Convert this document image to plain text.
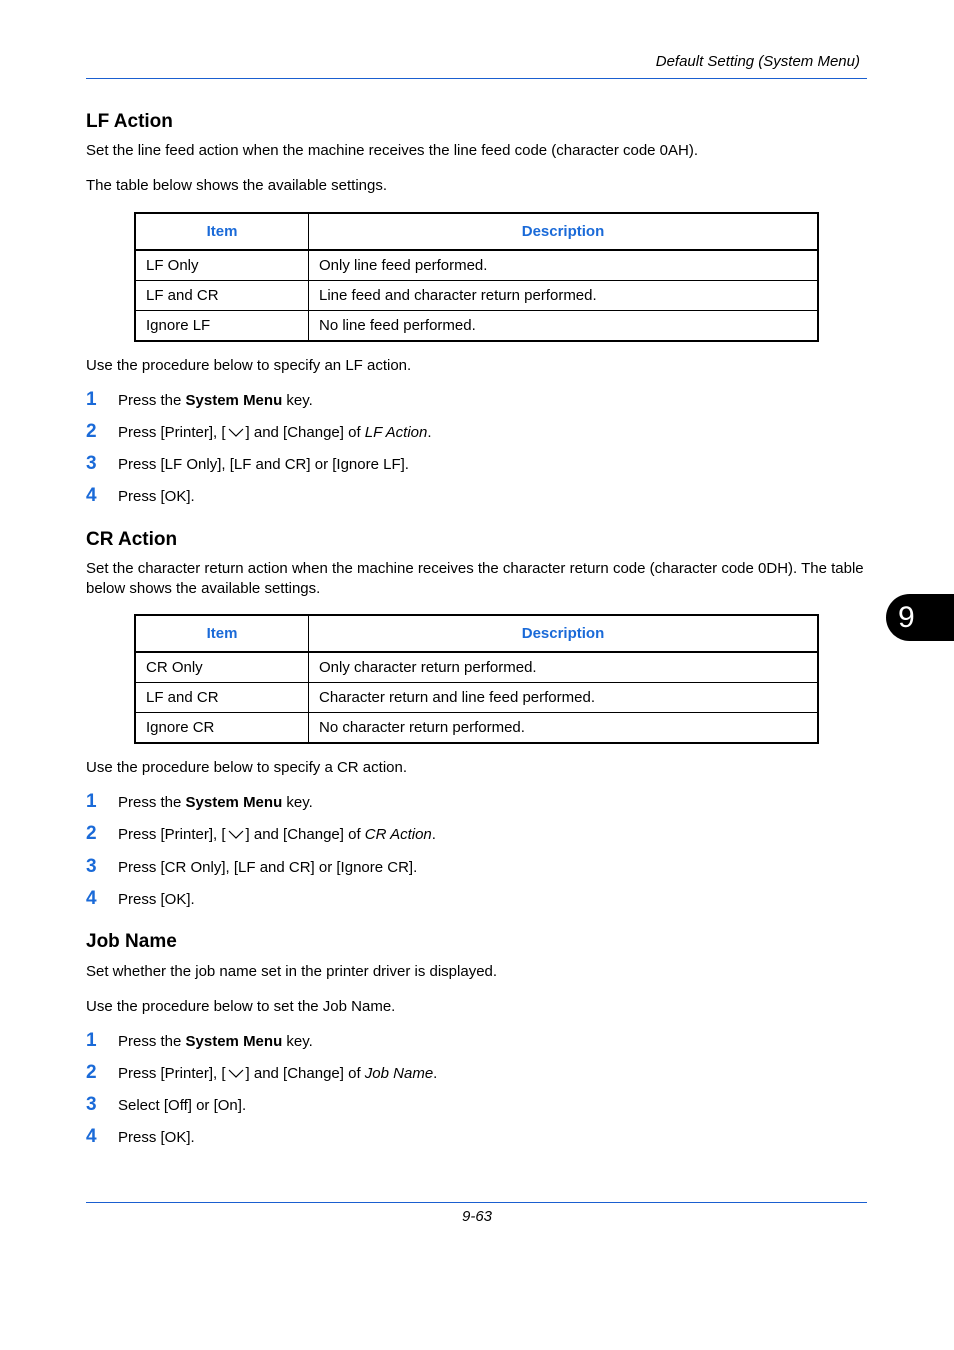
Default Setting (System Menu)
9
LF Action
Set the line feed action when the machine receives the line feed code (character code 0AH).
The table below shows the available settings.
Item	Description
LF Only	Only line feed performed.
LF and CR	Line feed and character return performed.
Ignore LF	No line feed performed.
Use the procedure below to specify an LF action.
1	Press the System Menu key.
2	Press [Printer], [ ] and [Change] of LF Action.
3	Press [LF Only], [LF and CR] or [Ignore LF].
4	Press [OK].
CR Action
Set the character return action when the machine receives the character return code (character code 0DH). The table below shows the available settings.
Item	Description
CR Only	Only character return performed.
LF and CR	Character return and line feed performed.
Ignore CR	No character return performed.
Use the procedure below to specify a CR action.
1	Press the System Menu key.
2	Press [Printer], [ ] and [Change] of CR Action.
3	Press [CR Only], [LF and CR] or [Ignore CR].
4	Press [OK].
Job Name
Set whether the job name set in the printer driver is displayed.
Use the procedure below to set the Job Name.
1	Press the System Menu key.
2	Press [Printer], [ ] and [Change] of Job Name.
3	Select [Off] or [On].
4	Press [OK].
9-63
